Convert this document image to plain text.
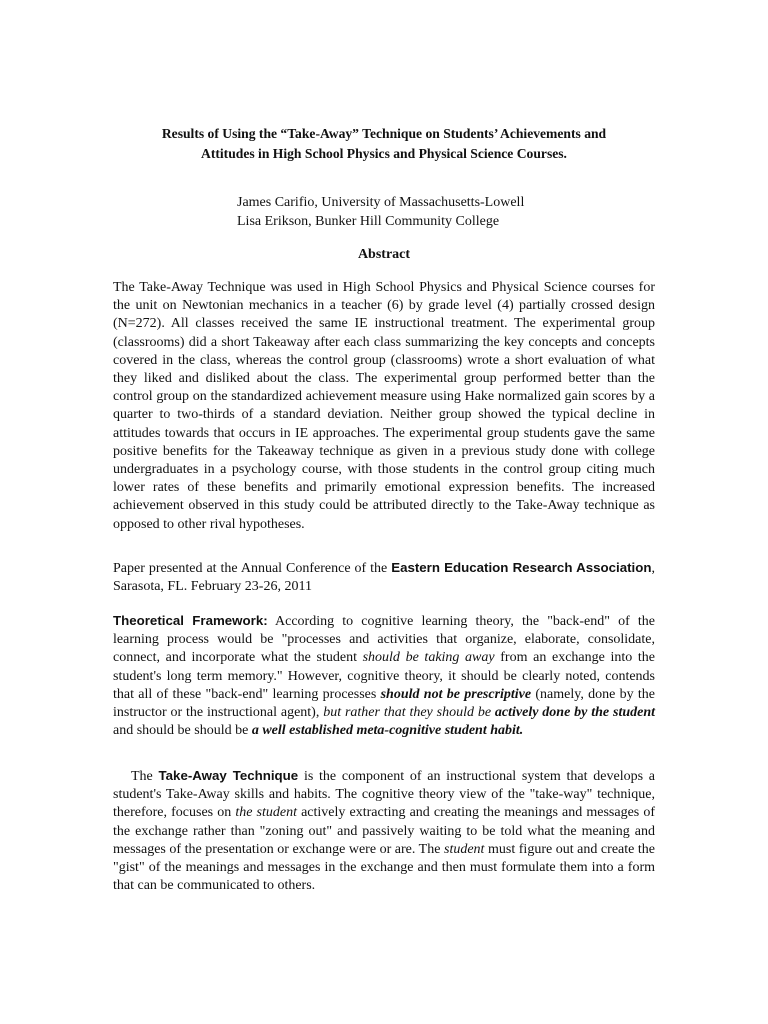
Results of Using the “Take-Away” Technique on Students’ Achievements and
Attitudes in High School Physics and Physical Science Courses.
James Carifio, University of Massachusetts-Lowell
Lisa Erikson, Bunker Hill Community College
Abstract
The Take-Away Technique was used in High School Physics and Physical Science courses for the unit on Newtonian mechanics in a teacher (6) by grade level (4) partially crossed design (N=272). All classes received the same IE instructional treatment. The experimental group (classrooms) did a short Takeaway after each class summarizing the key concepts and concepts covered in the class, whereas the control group (classrooms) wrote a short evaluation of what they liked and disliked about the class. The experimental group performed better than the control group on the standardized achievement measure using Hake normalized gain scores by a quarter to two-thirds of a standard deviation. Neither group showed the typical decline in attitudes towards that occurs in IE approaches. The experimental group students gave the same positive benefits for the Takeaway technique as given in a previous study done with college undergraduates in a psychology course, with those students in the control group citing much lower rates of these benefits and primarily emotional expression benefits. The increased achievement observed in this study could be attributed directly to the Take-Away technique as opposed to other rival hypotheses.
Paper presented at the Annual Conference of the Eastern Education Research Association, Sarasota, FL. February 23-26, 2011
Theoretical Framework: According to cognitive learning theory, the "back-end" of the learning process would be "processes and activities that organize, elaborate, consolidate, connect, and incorporate what the student should be taking away from an exchange into the student's long term memory." However, cognitive theory, it should be clearly noted, contends that all of these "back-end" learning processes should not be prescriptive (namely, done by the instructor or the instructional agent), but rather that they should be actively done by the student and should be should be a well established meta-cognitive student habit.
The Take-Away Technique is the component of an instructional system that develops a student's Take-Away skills and habits. The cognitive theory view of the "take-way" technique, therefore, focuses on the student actively extracting and creating the meanings and messages of the exchange rather than "zoning out" and passively waiting to be told what the meaning and messages of the presentation or exchange were or are. The student must figure out and create the "gist" of the meanings and messages in the exchange and then must formulate them into a form that can be communicated to others.
